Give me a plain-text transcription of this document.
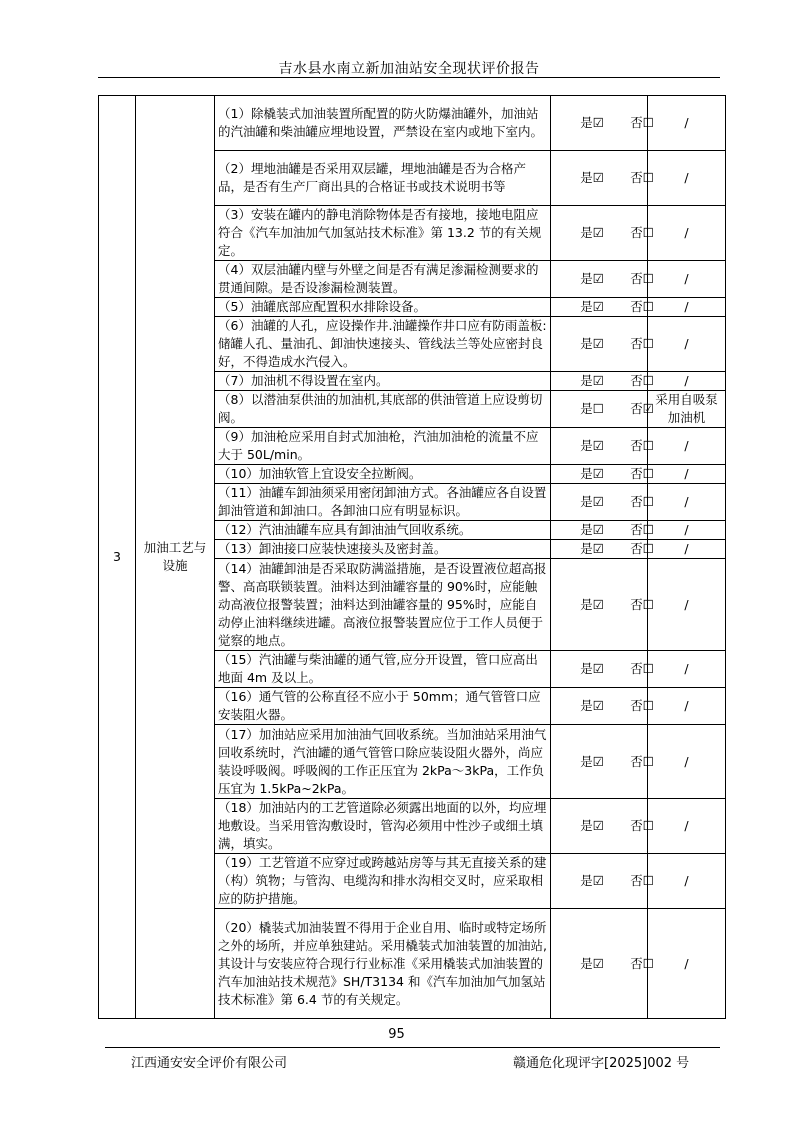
吉水县水南立新加油站安全现状评价报告
3	加油工艺与设施	（1）除橇装式加油装置所配置的防火防爆油罐外，加油站的汽油罐和柴油罐应埋地设置，严禁设在室内或地下室内。	是☑ 否☐	/
		（2）埋地油罐是否采用双层罐，埋地油罐是否为合格产品，是否有生产厂商出具的合格证书或技术说明书等	是☑ 否☐	/
		（3）安装在罐内的静电消除物体是否有接地，接地电阻应符合《汽车加油加气加氢站技术标准》第 13.2 节的有关规定。	是☑ 否☐	/
		（4）双层油罐内壁与外壁之间是否有满足渗漏检测要求的贯通间隙。是否设渗漏检测装置。	是☑ 否☐	/
		（5）油罐底部应配置积水排除设备。	是☑ 否☐	/
		（6）油罐的人孔，应设操作井.油罐操作井口应有防雨盖板:储罐人孔、量油孔、卸油快速接头、管线法兰等处应密封良好，不得造成水汽侵入。	是☑ 否☐	/
		（7）加油机不得设置在室内。	是☑ 否☐	/
		（8）以潜油泵供油的加油机,其底部的供油管道上应设剪切阀。	是☐ 否☑	采用自吸泵加油机
		（9）加油枪应采用自封式加油枪，汽油加油枪的流量不应大于 50L/min。	是☑ 否☐	/
		（10）加油软管上宜设安全拉断阀。	是☑ 否☐	/
		（11）油罐车卸油须采用密闭卸油方式。各油罐应各自设置卸油管道和卸油口。各卸油口应有明显标识。	是☑ 否☐	/
		（12）汽油油罐车应具有卸油油气回收系统。	是☑ 否☐	/
		（13）卸油接口应装快速接头及密封盖。	是☑ 否☐	/
		（14）油罐卸油是否采取防满溢措施，是否设置液位超高报警、高高联锁装置。油料达到油罐容量的 90%时，应能触动高液位报警装置；油料达到油罐容量的 95%时，应能自动停止油料继续进罐。高液位报警装置应位于工作人员便于觉察的地点。	是☑ 否☐	/
		（15）汽油罐与柴油罐的通气管,应分开设置，管口应高出地面 4m 及以上。	是☑ 否☐	/
		（16）通气管的公称直径不应小于 50mm；通气管管口应安装阻火器。	是☑ 否☐	/
		（17）加油站应采用加油油气回收系统。当加油站采用油气回收系统时，汽油罐的通气管管口除应装设阻火器外，尚应装设呼吸阀。呼吸阀的工作正压宜为 2kPa～3kPa，工作负压宜为 1.5kPa~2kPa。	是☑ 否☐	/
		（18）加油站内的工艺管道除必须露出地面的以外，均应埋地敷设。当采用管沟敷设时，管沟必须用中性沙子或细土填满，填实。	是☑ 否☐	/
		（19）工艺管道不应穿过或跨越站房等与其无直接关系的建（构）筑物；与管沟、电缆沟和排水沟相交叉时，应采取相应的防护措施。	是☑ 否☐	/
		（20）橇装式加油装置不得用于企业自用、临时或特定场所之外的场所，并应单独建站。采用橇装式加油装置的加油站,其设计与安装应符合现行行业标准《采用橇装式加油装置的汽车加油站技术规范》SH/T3134 和《汽车加油加气加氢站技术标准》第 6.4 节的有关规定。	是☑ 否☐	/
95
江西通安安全评价有限公司	赣通危化现评字[2025]002 号
